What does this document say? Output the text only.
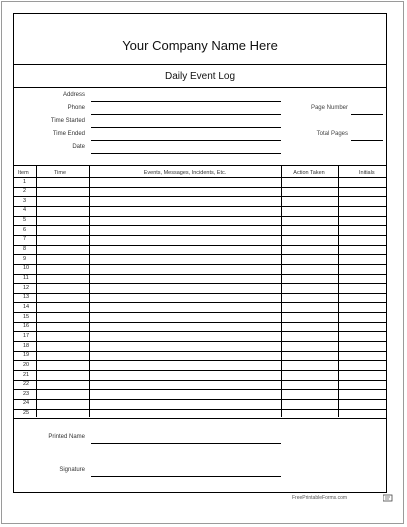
Your Company Name Here
Daily Event Log
Address
Phone
Time Started
Time Ended
Date
Page Number
Total Pages
Item	Time	Events, Messages, Incidents, Etc.	Action Taken	Initials
1
2
3
4
5
6
7
8
9
10
11
12
13
14
15
16
17
18
19
20
21
22
23
24
25
Printed Name
Signature
FreePrintableForms.com
